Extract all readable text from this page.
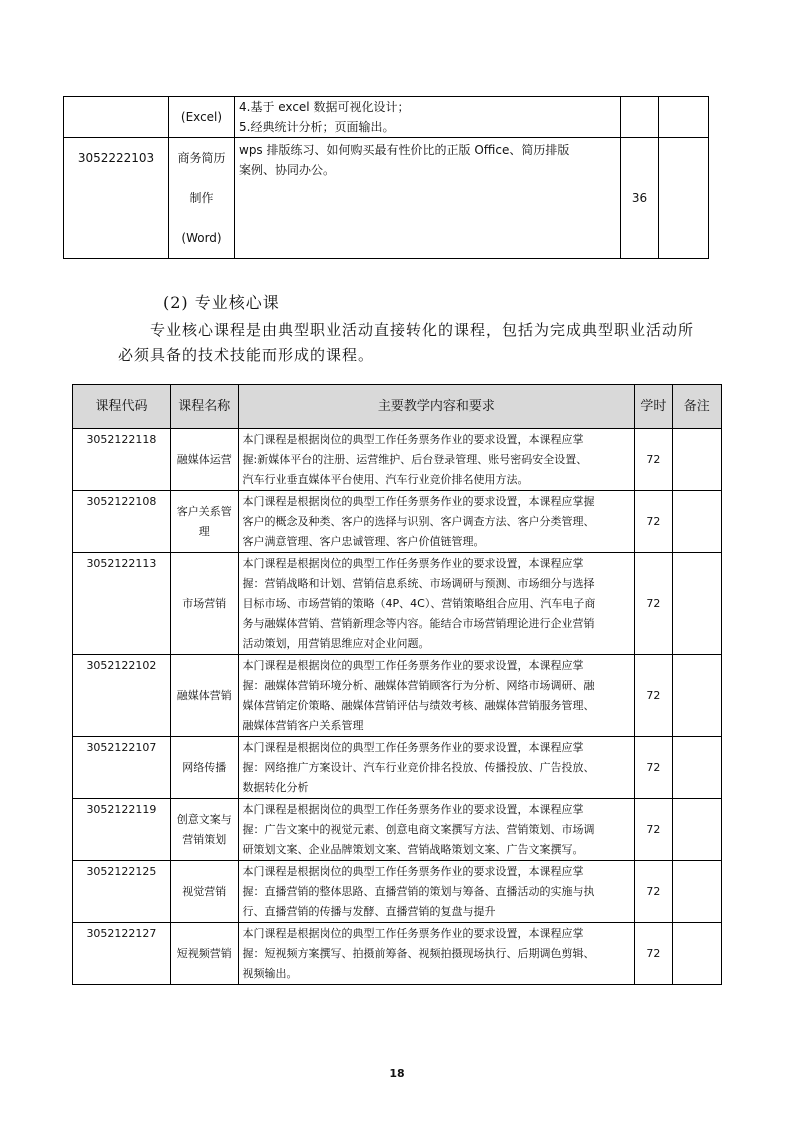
	(Excel)	4.基于 excel 数据可视化设计；
5.经典统计分析；页面输出。		

3052222103	商务简历
制作
(Word)	wps 排版练习、如何购买最有性价比的正版 Office、简历排版
案例、协同办公。	36	
(2) 专业核心课
专业核心课程是由典型职业活动直接转化的课程，包括为完成典型职业活动所必须具备的技术技能而形成的课程。
课程代码	课程名称	主要教学内容和要求	学时	备注
3052122118	融媒体运营	本门课程是根据岗位的典型工作任务票务作业的要求设置，本课程应掌
握:新媒体平台的注册、运营维护、后台登录管理、账号密码安全设置、
汽车行业垂直媒体平台使用、汽车行业竞价排名使用方法。	72	
3052122108	客户关系管理	本门课程是根据岗位的典型工作任务票务作业的要求设置，本课程应掌握
客户的概念及种类、客户的选择与识别、客户调查方法、客户分类管理、
客户满意管理、客户忠诚管理、客户价值链管理。	72	
3052122113	市场营销	本门课程是根据岗位的典型工作任务票务作业的要求设置，本课程应掌
握：营销战略和计划、营销信息系统、市场调研与预测、市场细分与选择
目标市场、市场营销的策略（4P、4C）、营销策略组合应用、汽车电子商
务与融媒体营销、营销新理念等内容。能结合市场营销理论进行企业营销
活动策划，用营销思维应对企业问题。	72	
3052122102	融媒体营销	本门课程是根据岗位的典型工作任务票务作业的要求设置，本课程应掌
握：融媒体营销环境分析、融媒体营销顾客行为分析、网络市场调研、融
媒体营销定价策略、融媒体营销评估与绩效考核、融媒体营销服务管理、
融媒体营销客户关系管理	72	
3052122107	网络传播	本门课程是根据岗位的典型工作任务票务作业的要求设置，本课程应掌
握：网络推广方案设计、汽车行业竞价排名投放、传播投放、广告投放、
数据转化分析	72	
3052122119	创意文案与营销策划	本门课程是根据岗位的典型工作任务票务作业的要求设置，本课程应掌
握：广告文案中的视觉元素、创意电商文案撰写方法、营销策划、市场调
研策划文案、企业品牌策划文案、营销战略策划文案、广告文案撰写。	72	
3052122125	视觉营销	本门课程是根据岗位的典型工作任务票务作业的要求设置，本课程应掌
握：直播营销的整体思路、直播营销的策划与筹备、直播活动的实施与执
行、直播营销的传播与发酵、直播营销的复盘与提升	72	
3052122127	短视频营销	本门课程是根据岗位的典型工作任务票务作业的要求设置，本课程应掌
握：短视频方案撰写、拍摄前筹备、视频拍摄现场执行、后期调色剪辑、
视频输出。	72	
18
